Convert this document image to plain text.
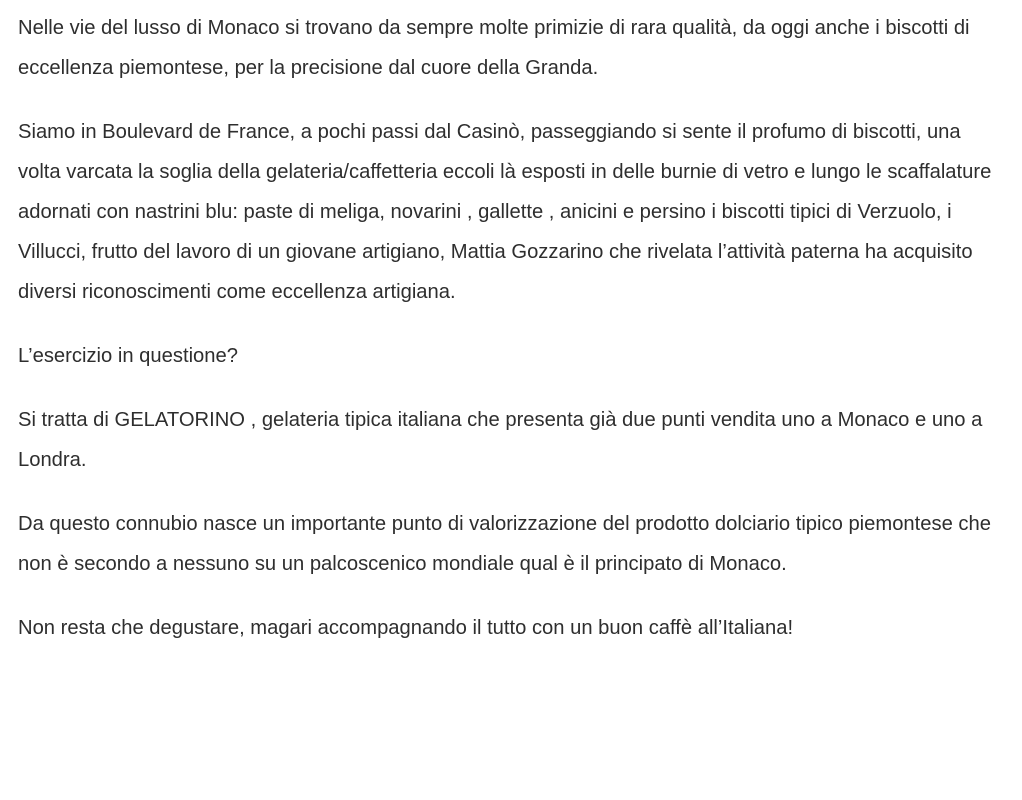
Nelle vie del lusso di Monaco si trovano da sempre molte primizie di rara qualità, da oggi anche i biscotti di eccellenza piemontese, per la precisione dal cuore della Granda.

Siamo in Boulevard de France, a pochi passi dal Casinò, passeggiando si sente il profumo di biscotti, una volta varcata la soglia della gelateria/caffetteria eccoli là esposti in delle burnie di vetro e lungo le scaffalature adornati con nastrini blu: paste di meliga, novarini , gallette , anicini e persino i biscotti tipici di Verzuolo, i Villucci, frutto del lavoro di un giovane artigiano, Mattia Gozzarino che rivelata l’attività paterna ha acquisito diversi riconoscimenti come eccellenza artigiana.

L’esercizio in questione?

Si tratta di GELATORINO , gelateria tipica italiana che presenta già due punti vendita uno a Monaco e uno a Londra.

Da questo connubio nasce un importante punto di valorizzazione del prodotto dolciario tipico piemontese che non è secondo a nessuno su un palcoscenico mondiale qual è il principato di Monaco.

Non resta che degustare, magari accompagnando il tutto con un buon caffè all’Italiana!
